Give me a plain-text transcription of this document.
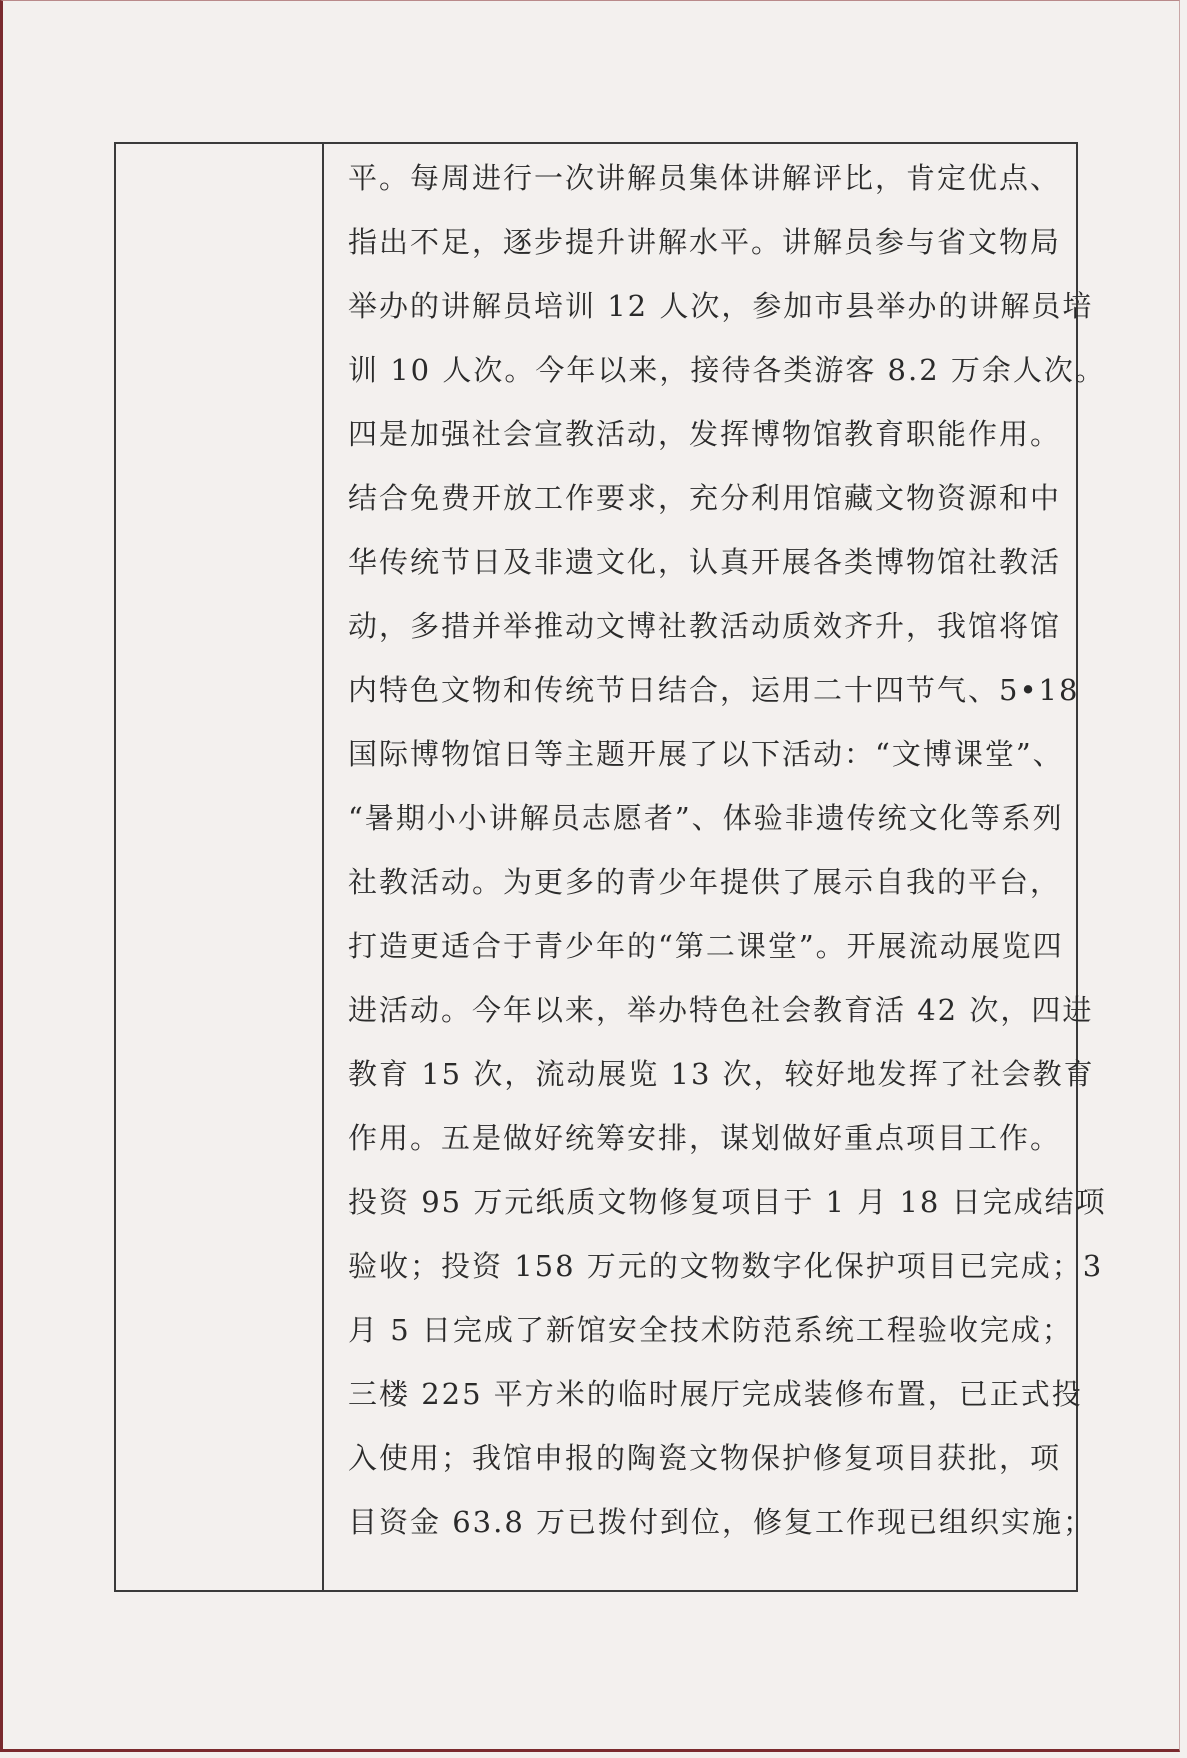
平。每周进行一次讲解员集体讲解评比，肯定优点、
指出不足，逐步提升讲解水平。讲解员参与省文物局
举办的讲解员培训 12 人次，参加市县举办的讲解员培
训 10 人次。今年以来，接待各类游客 8.2 万余人次。
四是加强社会宣教活动，发挥博物馆教育职能作用。
结合免费开放工作要求，充分利用馆藏文物资源和中
华传统节日及非遗文化，认真开展各类博物馆社教活
动，多措并举推动文博社教活动质效齐升，我馆将馆
内特色文物和传统节日结合，运用二十四节气、5•18
国际博物馆日等主题开展了以下活动：“文博课堂”、
“暑期小小讲解员志愿者”、体验非遗传统文化等系列
社教活动。为更多的青少年提供了展示自我的平台，
打造更适合于青少年的“第二课堂”。开展流动展览四
进活动。今年以来，举办特色社会教育活 42 次，四进
教育 15 次，流动展览 13 次，较好地发挥了社会教育
作用。五是做好统筹安排，谋划做好重点项目工作。
投资 95 万元纸质文物修复项目于 1 月 18 日完成结项
验收；投资 158 万元的文物数字化保护项目已完成；3
月 5 日完成了新馆安全技术防范系统工程验收完成；
三楼 225 平方米的临时展厅完成装修布置，已正式投
入使用；我馆申报的陶瓷文物保护修复项目获批，项
目资金 63.8 万已拨付到位，修复工作现已组织实施；
